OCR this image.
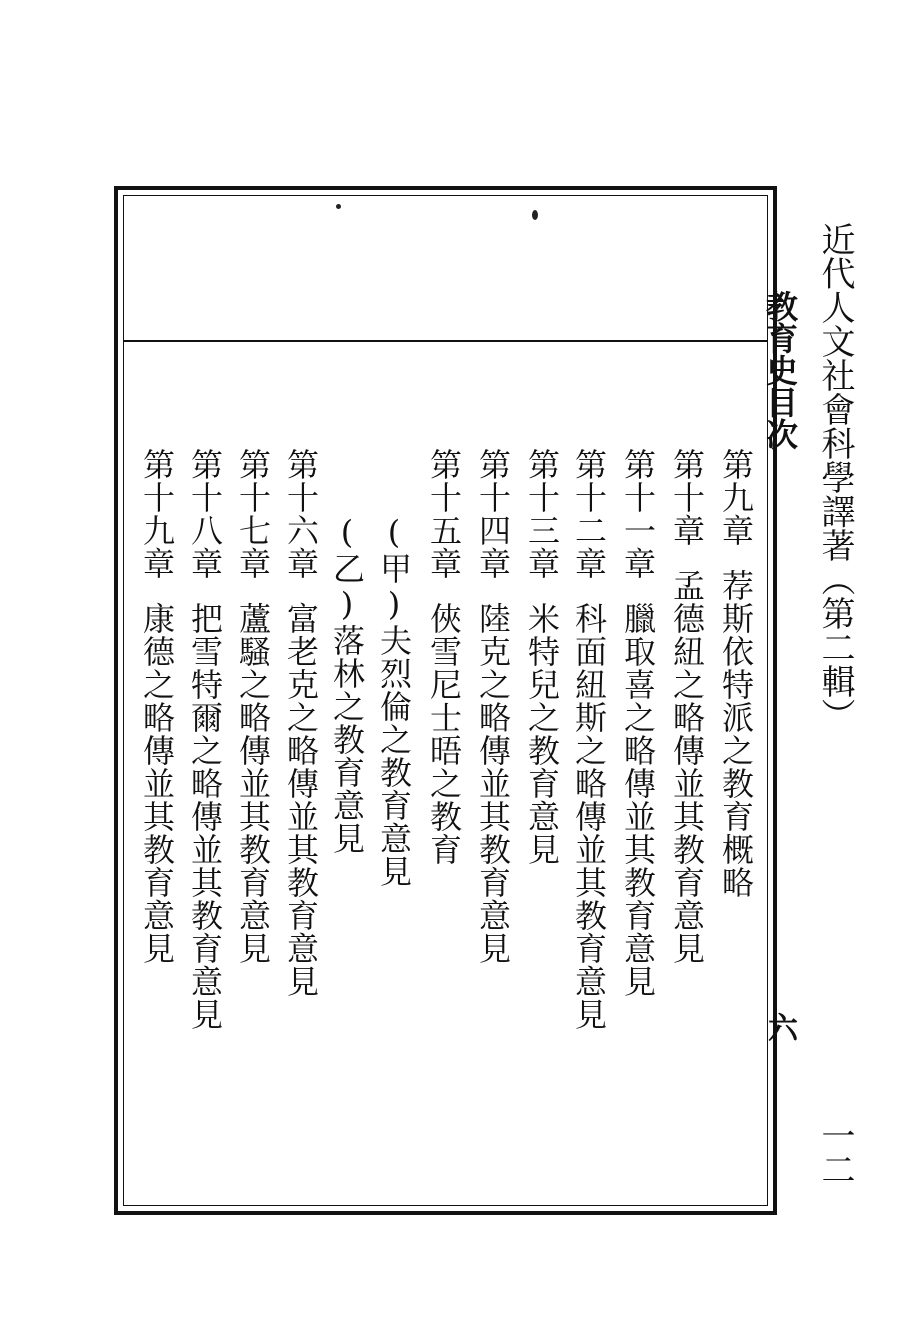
近代人文社會科學譯著（第二輯）
教育史目次
六
一二
第九章荐斯依特派之教育概略
第十章孟德紐之略傳並其教育意見
第十一章臘取喜之略傳並其教育意見
第十二章科面紐斯之略傳並其教育意見
第十三章米特兒之教育意見
第十四章陸克之略傳並其教育意見
第十五章俠雪尼士晤之教育
(甲)夫烈倫之教育意見
(乙)落林之教育意見
第十六章富老克之略傳並其教育意見
第十七章蘆騷之略傳並其教育意見
第十八章把雪特爾之略傳並其教育意見
第十九章康德之略傳並其教育意見
